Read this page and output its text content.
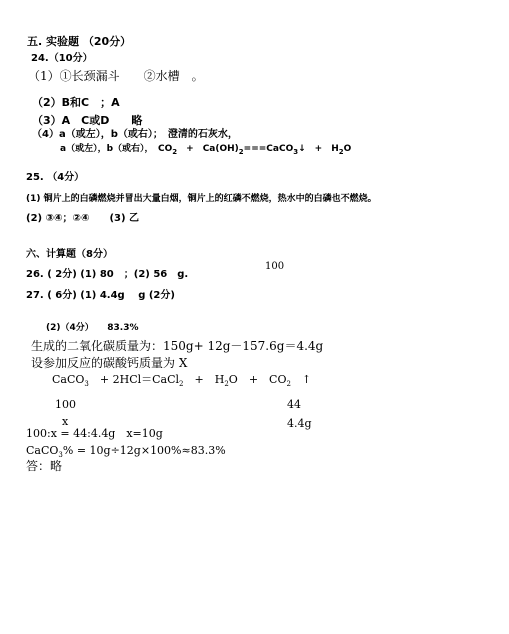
五. 实验题 （20分）
24.（10分）
（1）①长颈漏斗　　②水槽　。
（2）B和C　；A
（3）A　C或D　　略
（4）a（或左），b（或右）；　澄清的石灰水，
a（或左），b（或右），　$CO_2$　+　$Ca(OH)_2===CaCO_3↓$　+　$H_2O$
25. （4分）
(1) 铜片上的白磷燃烧并冒出大量白烟，铜片上的红磷不燃烧，热水中的白磷也不燃烧。
(2) ③④；②④　　(3) 乙
六、计算题（8分）
100
26. ( 2分) (1) 80　；(2) 56　g.
27. ( 6分) (1) 4.4g　 g (2分)
(2)（4分）　　83.3%
生成的二氧化碳质量为：150g+ 12g－157.6g＝4.4g
设参加反应的碳酸钙质量为 X
CaCO$_3$　+ 2HCl＝CaCl$_2$　+　$H_2O$　+　$CO_2$　↑
100	44
x	4.4g
100:x = 44:4.4g　x=10g
CaCO$_3$% = 10g÷12g×100%≈83.3%
答：略
